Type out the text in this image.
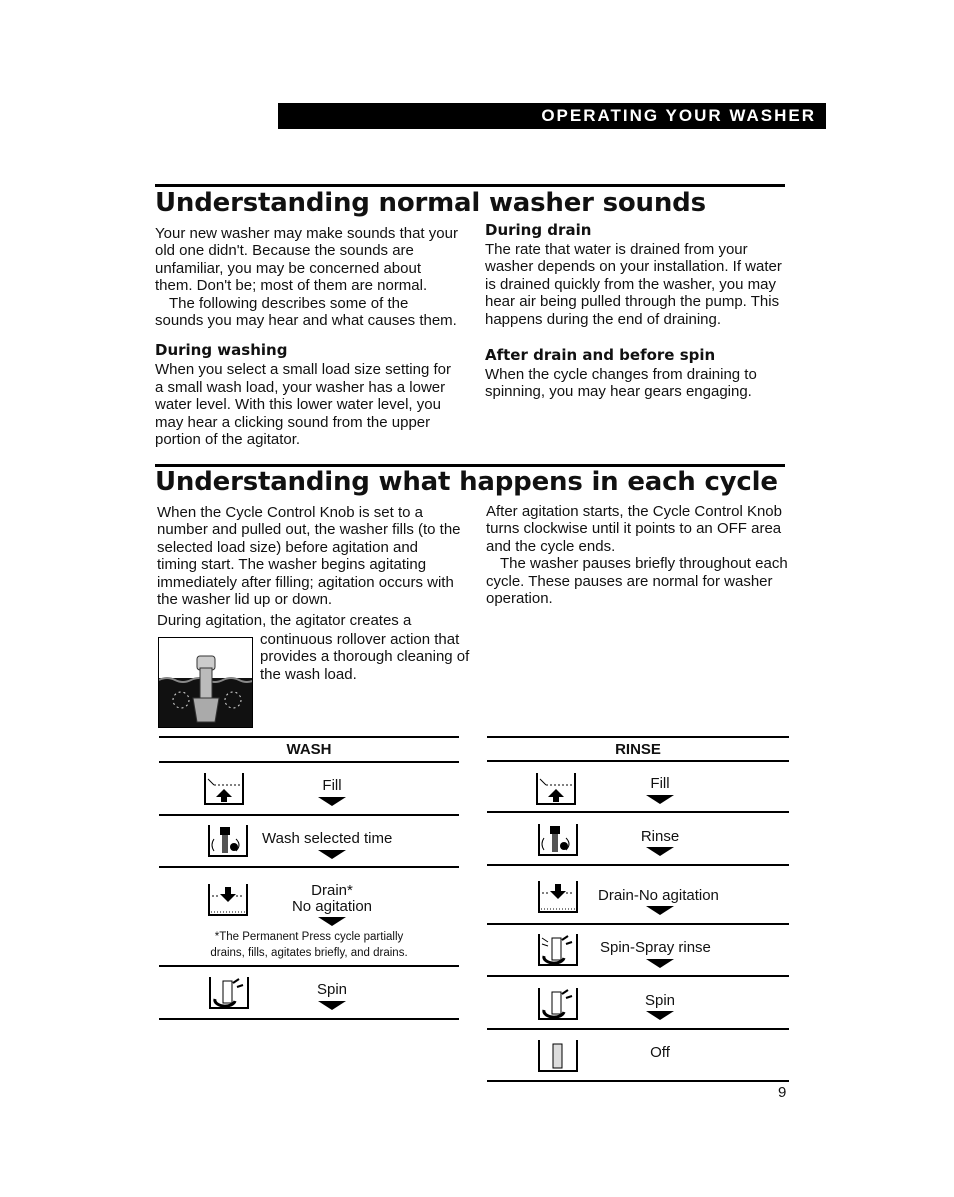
OPERATING YOUR WASHER
Understanding normal washer sounds

Your new washer may make sounds that your old one didn't. Because the sounds are unfamiliar, you may be concerned about them. Don't be; most of them are normal.

The following describes some of the sounds you may hear and what causes them.

During washing

When you select a small load size setting for a small wash load, your washer has a lower water level. With this lower water level, you may hear a clicking sound from the upper portion of the agitator.

During drain

The rate that water is drained from your washer depends on your installation. If water is drained quickly from the washer, you may hear air being pulled through the pump. This happens during the end of draining.

After drain and before spin

When the cycle changes from draining to spinning, you may hear gears engaging.

Understanding what happens in each cycle

When the Cycle Control Knob is set to a number and pulled out, the washer fills (to the selected load size) before agitation and timing start. The washer begins agitating immediately after filling; agitation occurs with the washer lid up or down.

During agitation, the agitator creates a

continuous rollover action that provides a thorough cleaning of the wash load.

After agitation starts, the Cycle Control Knob turns clockwise until it points to an OFF area and the cycle ends.

The washer pauses briefly throughout each cycle. These pauses are normal for washer operation.

WASH
Fill
Wash selected time
Drain*
No agitation
*The Permanent Press cycle partially
drains, fills, agitates briefly, and drains.
Spin
RINSE
Fill
Rinse
Drain-No agitation
Spin-Spray rinse
Spin
Off
9
